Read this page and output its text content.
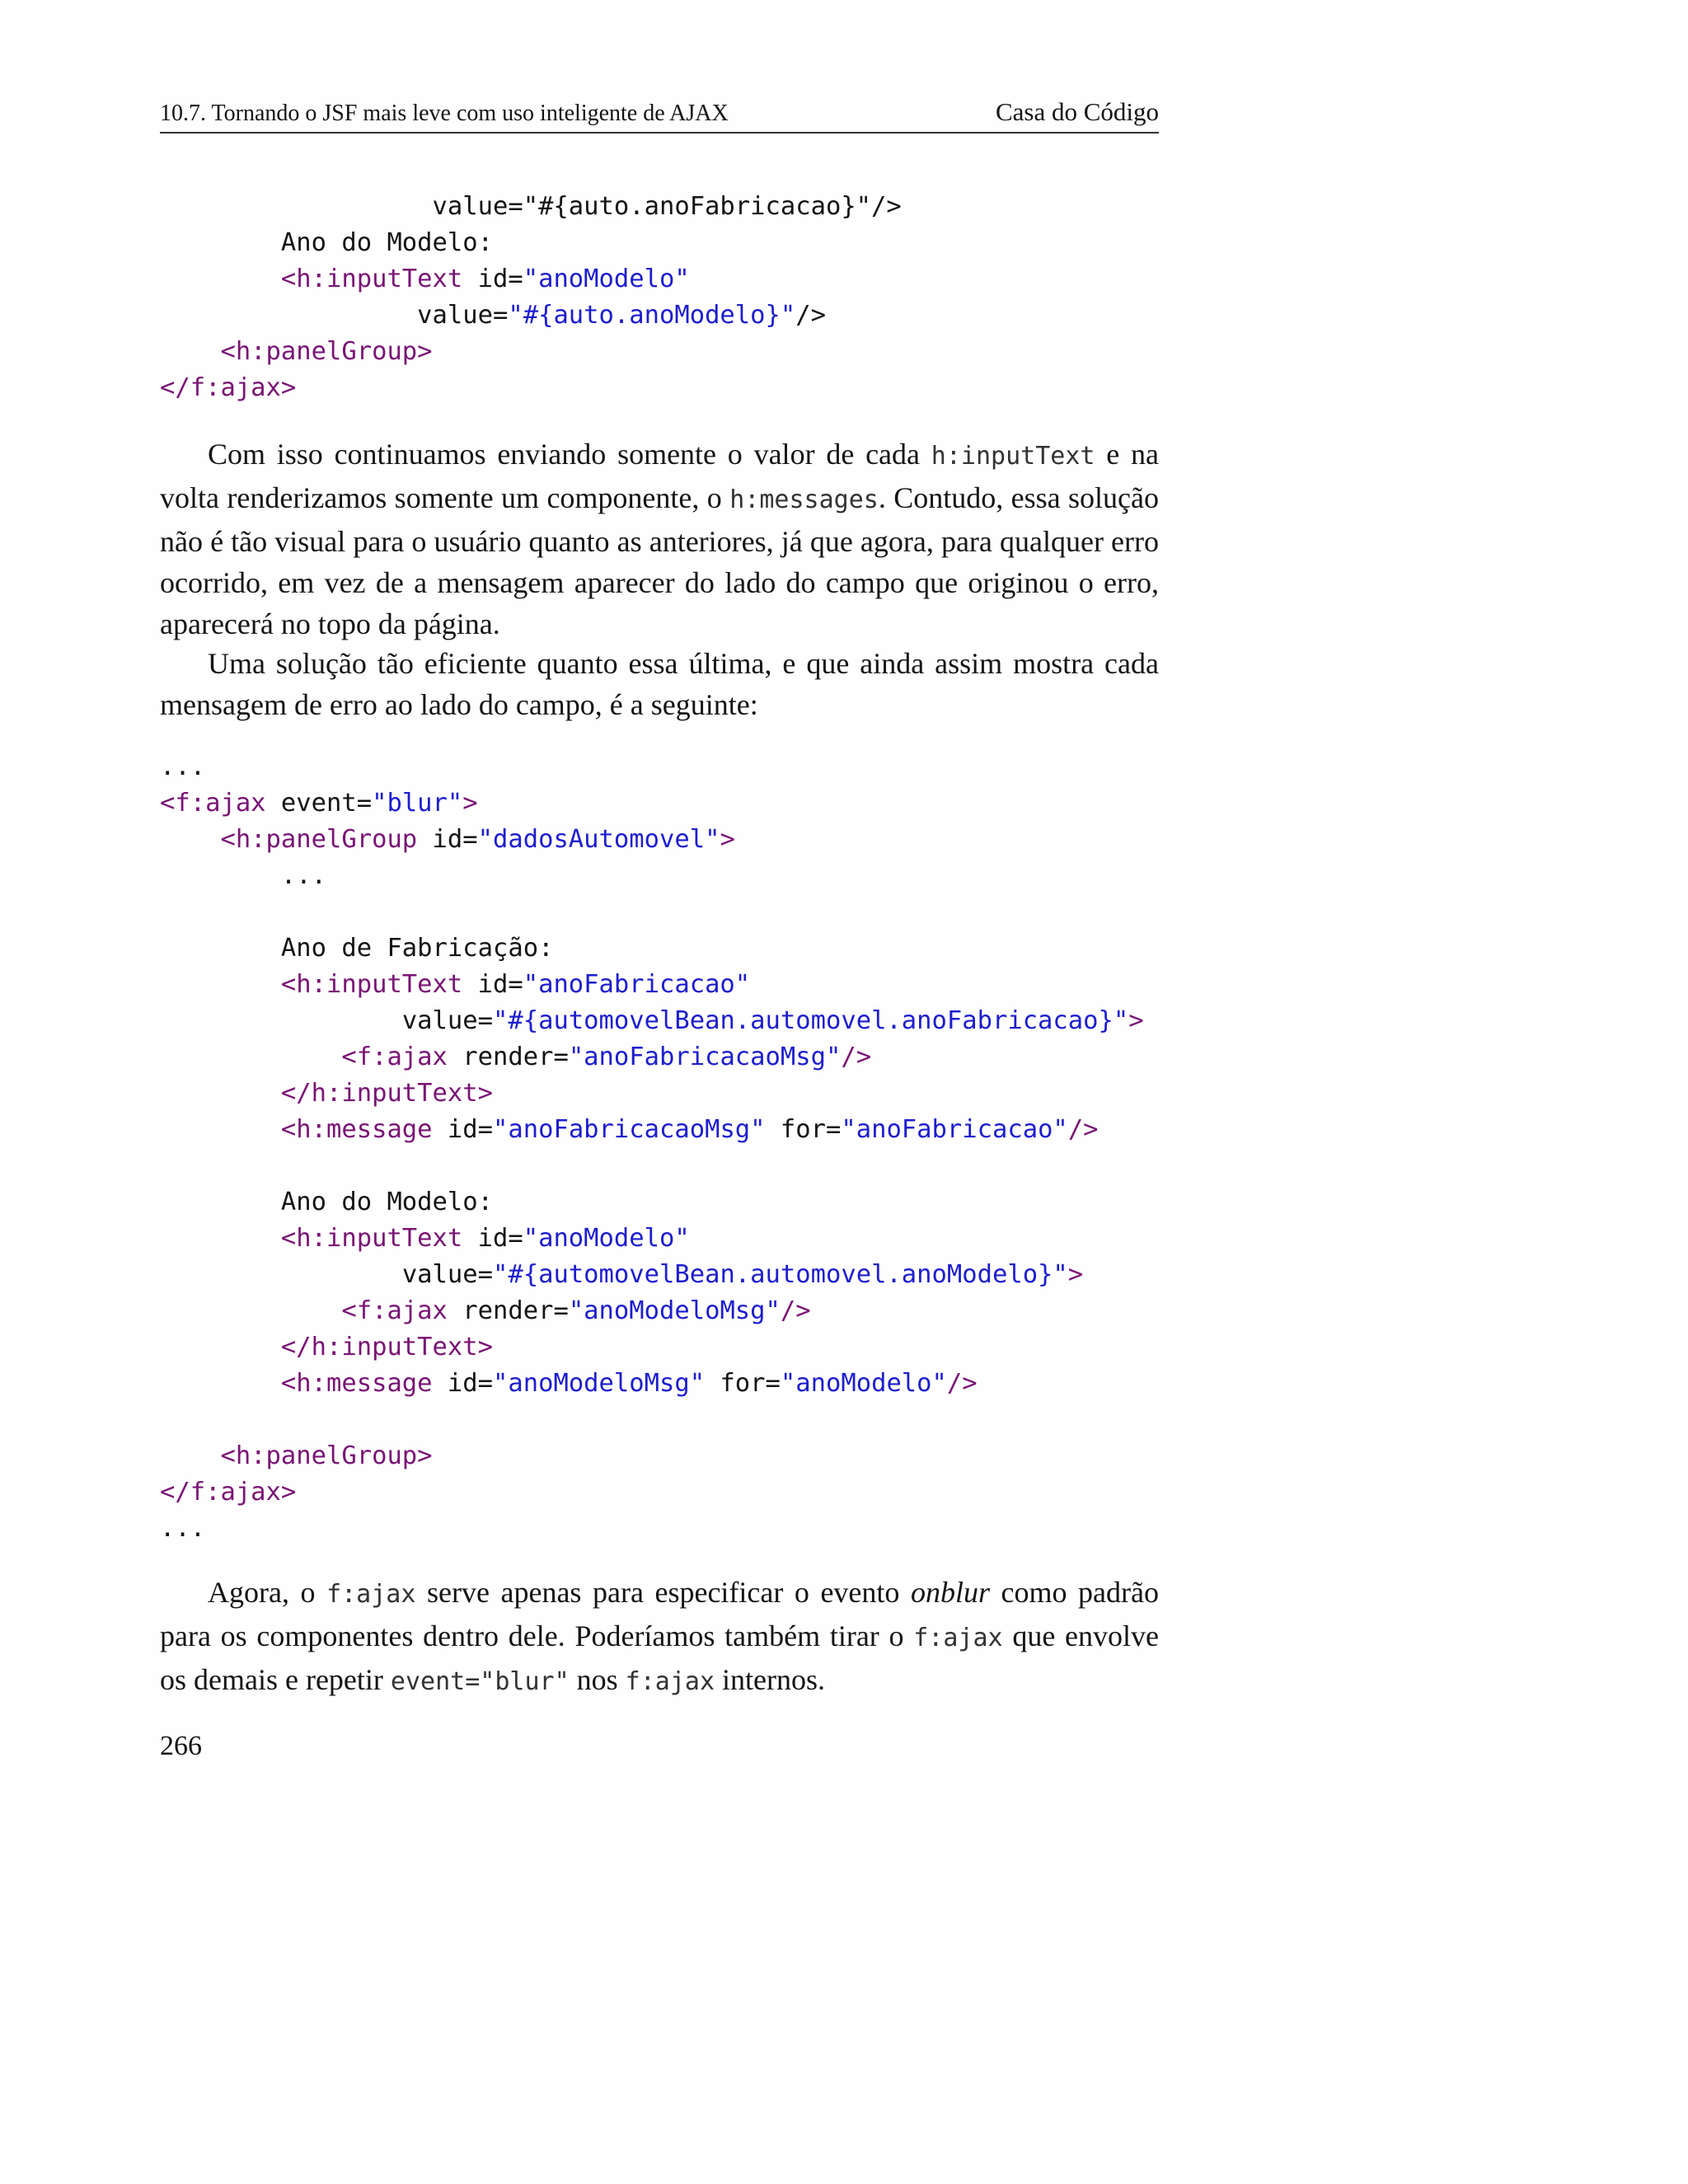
10.7. Tornando o JSF mais leve com uso inteligente de AJAX	Casa do Código
value="#{auto.anoFabricacao}"/>
Ano do Modelo:
<h:inputText id="anoModelo"
value="#{auto.anoModelo}"/>
<h:panelGroup>
</f:ajax>

Com isso continuamos enviando somente o valor de cada h:inputText e na volta renderizamos somente um componente, o h:messages. Contudo, essa solução não é tão visual para o usuário quanto as anteriores, já que agora, para qualquer erro ocorrido, em vez de a mensagem aparecer do lado do campo que originou o erro, aparecerá no topo da página.

Uma solução tão eficiente quanto essa última, e que ainda assim mostra cada mensagem de erro ao lado do campo, é a seguinte:

...
<f:ajax event="blur">
<h:panelGroup id="dadosAutomovel">
...

Ano de Fabricação:
<h:inputText id="anoFabricacao"
value="#{automovelBean.automovel.anoFabricacao}">
<f:ajax render="anoFabricacaoMsg"/>
</h:inputText>
<h:message id="anoFabricacaoMsg" for="anoFabricacao"/>

Ano do Modelo:
<h:inputText id="anoModelo"
value="#{automovelBean.automovel.anoModelo}">
<f:ajax render="anoModeloMsg"/>
</h:inputText>
<h:message id="anoModeloMsg" for="anoModelo"/>

<h:panelGroup>
</f:ajax>
...

Agora, o f:ajax serve apenas para especificar o evento onblur como padrão para os componentes dentro dele. Poderíamos também tirar o f:ajax que envolve os demais e repetir event="blur" nos f:ajax internos.

266
